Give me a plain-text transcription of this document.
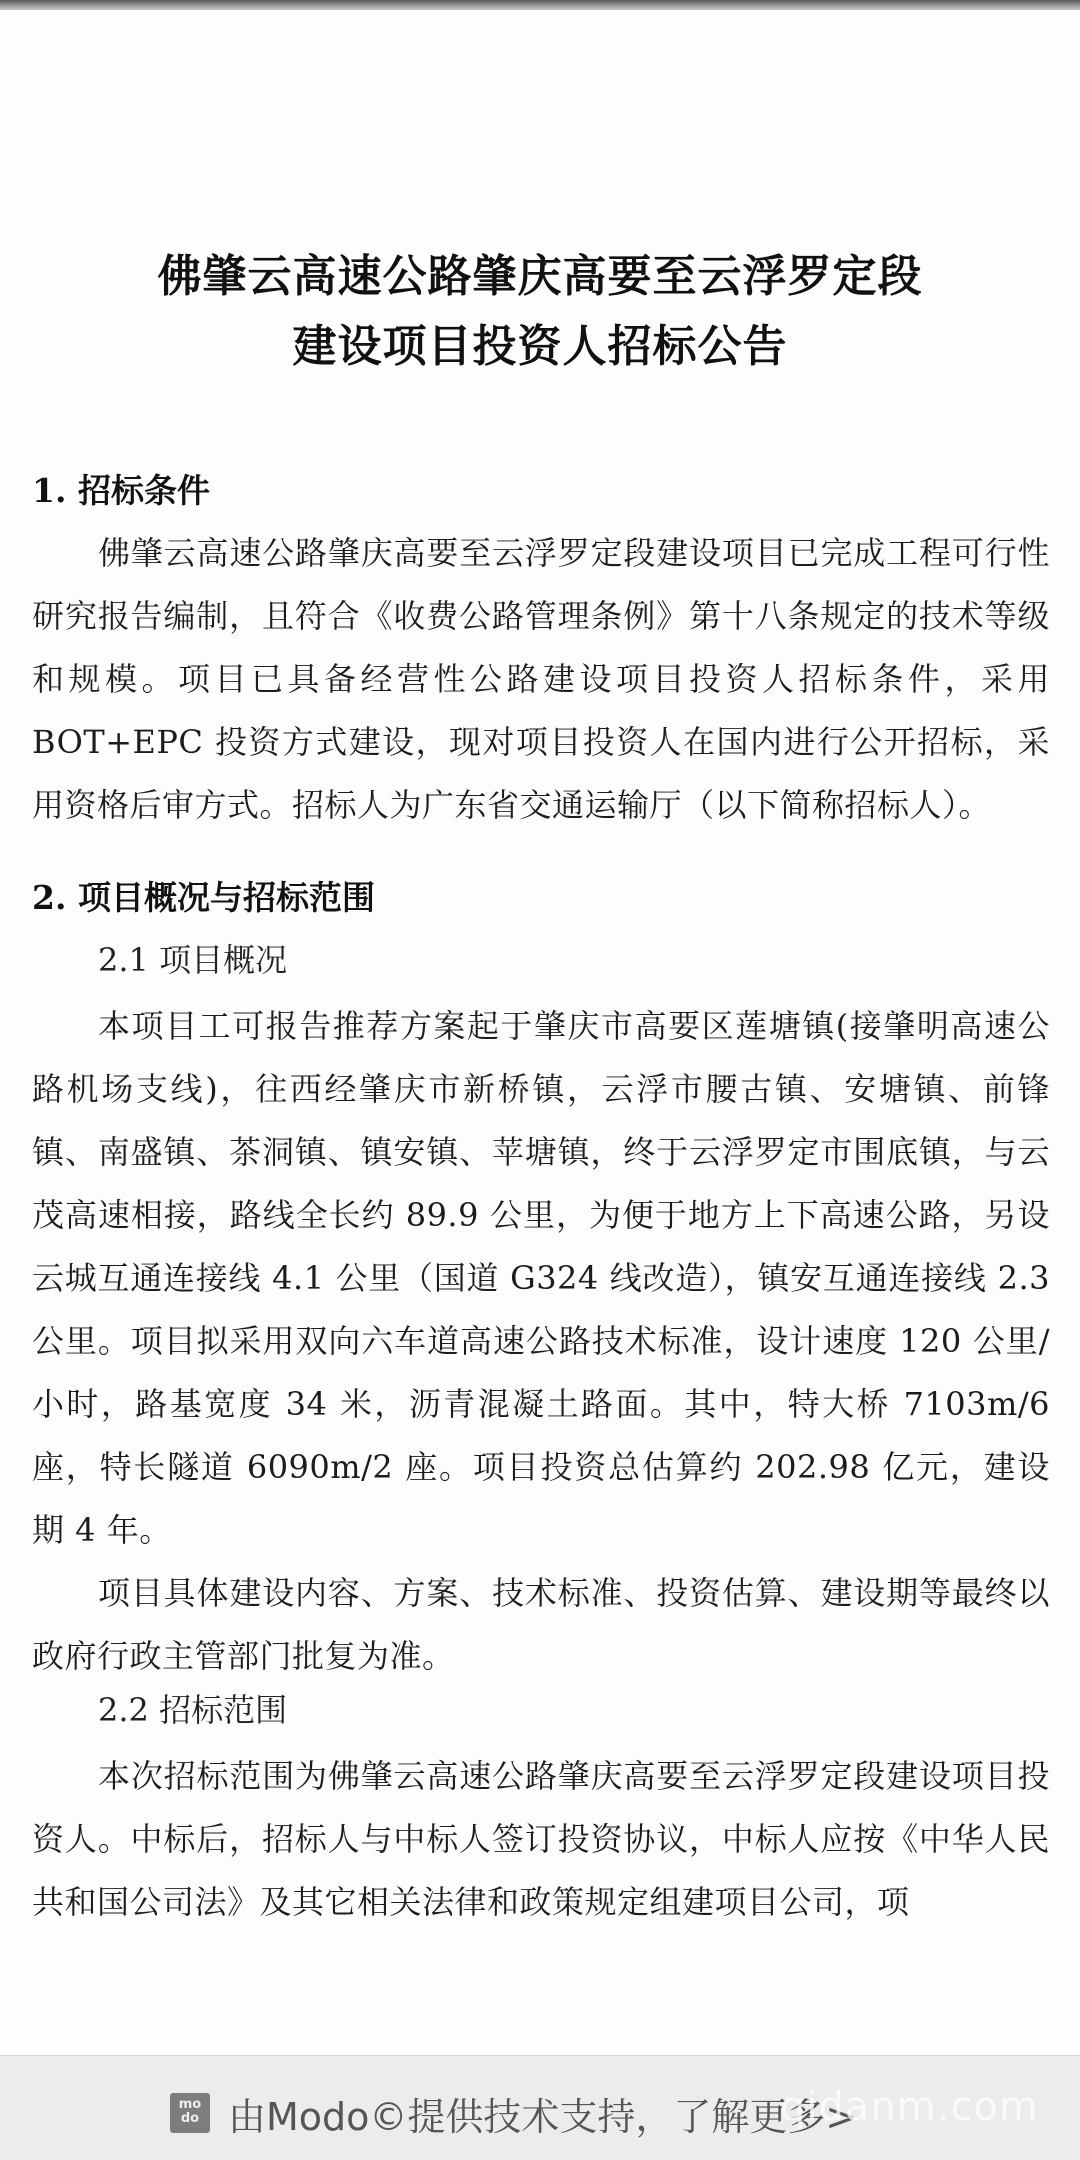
佛肇云高速公路肇庆高要至云浮罗定段
建设项目投资人招标公告
1. 招标条件
佛肇云高速公路肇庆高要至云浮罗定段建设项目已完成工程可行性研究报告编制，且符合《收费公路管理条例》第十八条规定的技术等级和规模。项目已具备经营性公路建设项目投资人招标条件，采用 BOT+EPC 投资方式建设，现对项目投资人在国内进行公开招标，采用资格后审方式。招标人为广东省交通运输厅（以下简称招标人）。
2. 项目概况与招标范围
2.1 项目概况
本项目工可报告推荐方案起于肇庆市高要区莲塘镇(接肇明高速公路机场支线)，往西经肇庆市新桥镇，云浮市腰古镇、安塘镇、前锋镇、南盛镇、茶洞镇、镇安镇、苹塘镇，终于云浮罗定市围底镇，与云茂高速相接，路线全长约 89.9 公里，为便于地方上下高速公路，另设云城互通连接线 4.1 公里（国道 G324 线改造），镇安互通连接线 2.3 公里。项目拟采用双向六车道高速公路技术标准，设计速度 120 公里/小时，路基宽度 34 米，沥青混凝土路面。其中，特大桥 7103m/6 座，特长隧道 6090m/2 座。项目投资总估算约 202.98 亿元，建设期 4 年。
项目具体建设内容、方案、技术标准、投资估算、建设期等最终以政府行政主管部门批复为准。
2.2 招标范围
本次招标范围为佛肇云高速公路肇庆高要至云浮罗定段建设项目投资人。中标后，招标人与中标人签订投资协议，中标人应按《中华人民共和国公司法》及其它相关法律和政策规定组建项目公司，项
mo do 由Modo©提供技术支持，了解更多>
qidanm.com
